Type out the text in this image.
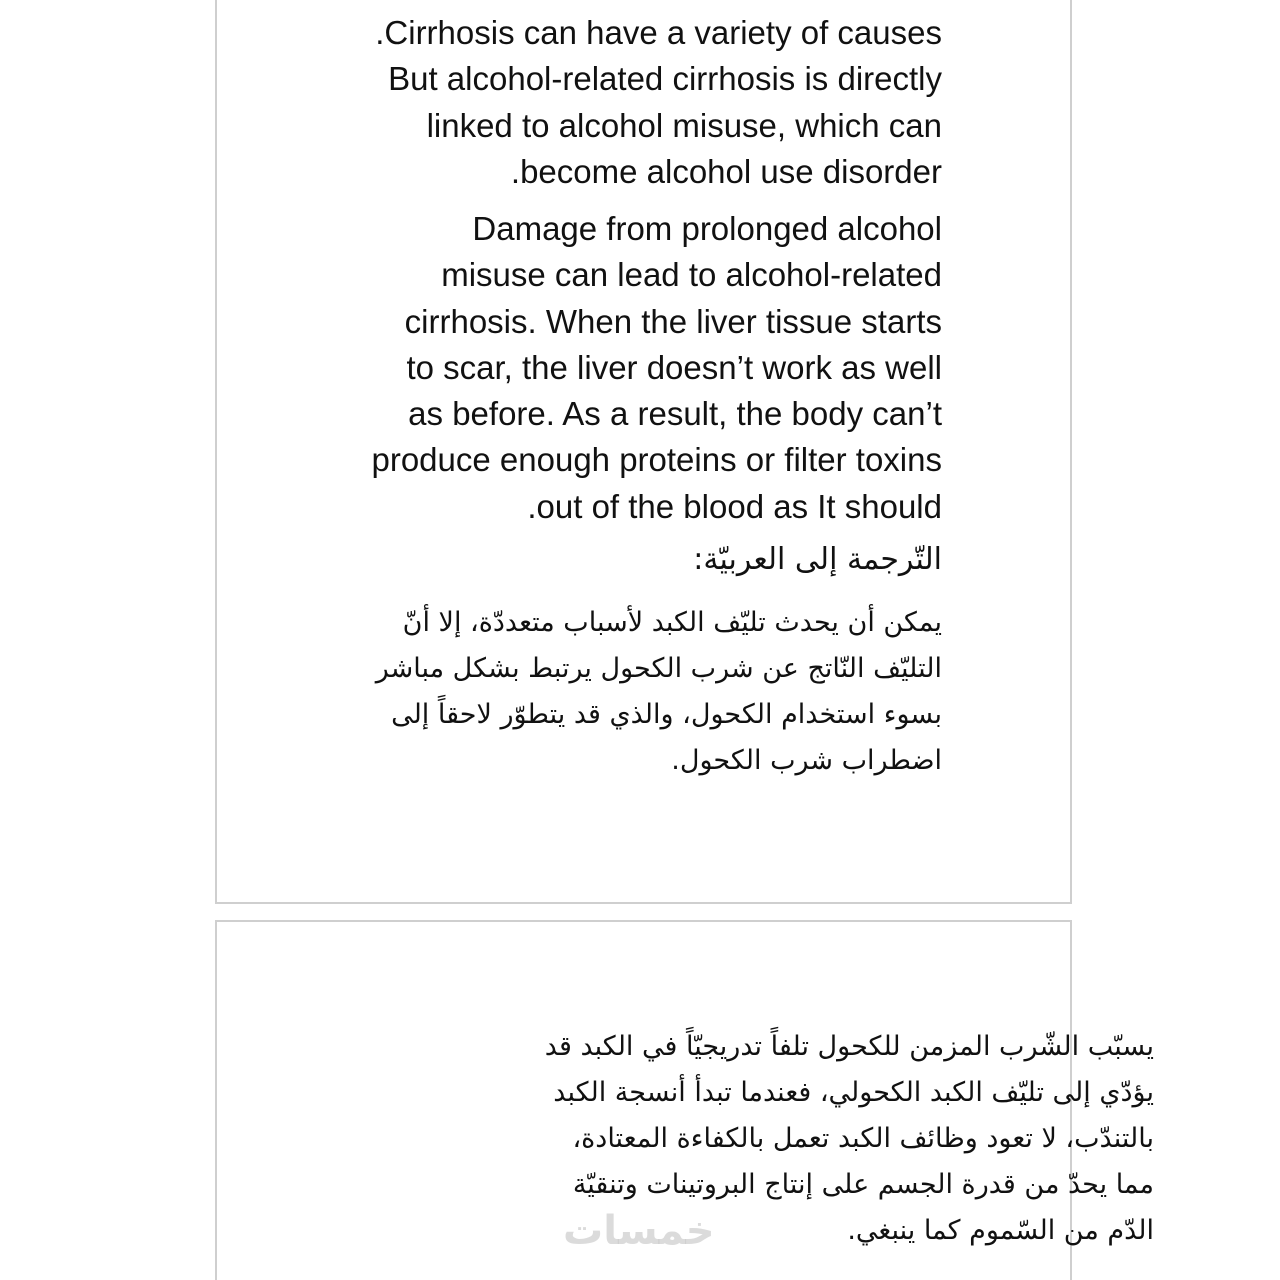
Cirrhosis can have a variety of causes.
But alcohol-related cirrhosis is directly
linked to alcohol misuse, which can
become alcohol use disorder.
Damage from prolonged alcohol
misuse can lead to alcohol-related
cirrhosis. When the liver tissue starts
to scar, the liver doesn’t work as well
as before. As a result, the body can’t
produce enough proteins or filter toxins
out of the blood as It should.
التّرجمة إلى العربيّة:
يمكن أن يحدث تليّف الكبد لأسباب متعددّة، إلا أنّ
التليّف النّاتج عن شرب الكحول يرتبط بشكل مباشر
بسوء استخدام الكحول، والذي قد يتطوّر لاحقاً إلى
اضطراب شرب الكحول.
يسبّب الشّرب المزمن للكحول تلفاً تدريجيّاً في الكبد قد
يؤدّي إلى تليّف الكبد الكحولي، فعندما تبدأ أنسجة الكبد
بالتندّب، لا تعود وظائف الكبد تعمل بالكفاءة المعتادة،
مما يحدّ من قدرة الجسم على إنتاج البروتينات وتنقيّة
الدّم من السّموم كما ينبغي.
خمسات
